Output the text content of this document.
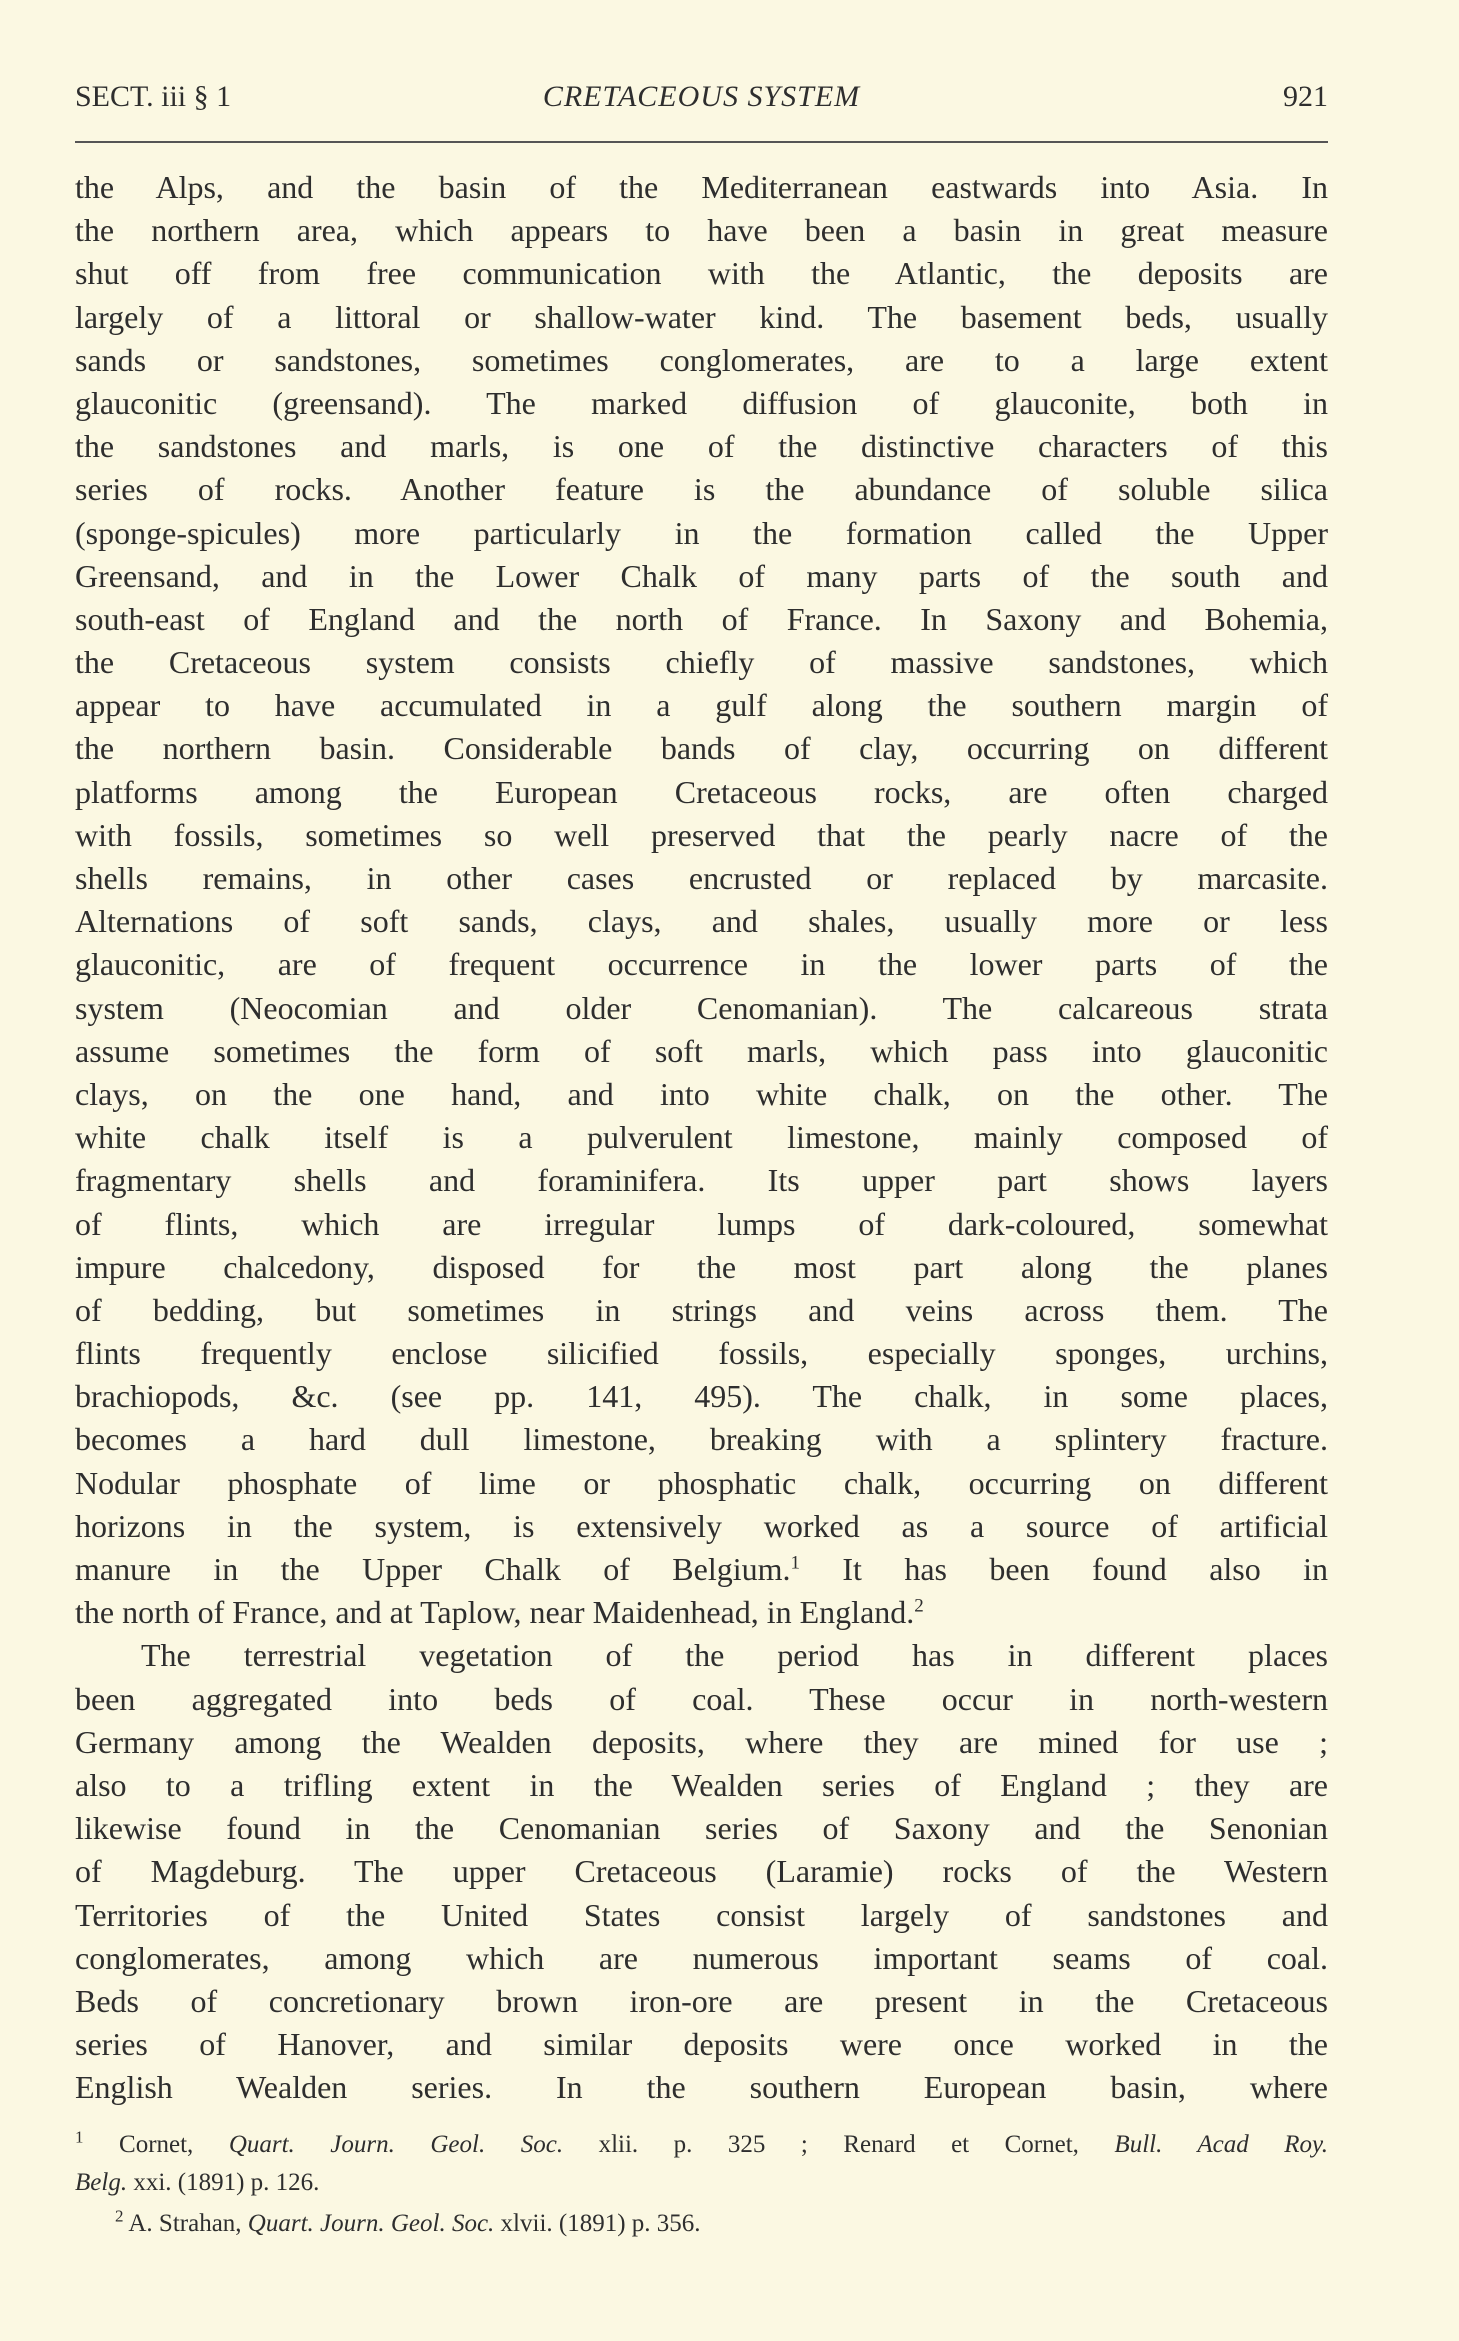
SECT. iii § 1	CRETACEOUS SYSTEM	921
the Alps, and the basin of the Mediterranean eastwards into Asia. In
the northern area, which appears to have been a basin in great measure
shut off from free communication with the Atlantic, the deposits are
largely of a littoral or shallow-water kind. The basement beds, usually
sands or sandstones, sometimes conglomerates, are to a large extent
glauconitic (greensand). The marked diffusion of glauconite, both in
the sandstones and marls, is one of the distinctive characters of this
series of rocks. Another feature is the abundance of soluble silica
(sponge-spicules) more particularly in the formation called the Upper
Greensand, and in the Lower Chalk of many parts of the south and
south-east of England and the north of France. In Saxony and Bohemia,
the Cretaceous system consists chiefly of massive sandstones, which
appear to have accumulated in a gulf along the southern margin of
the northern basin. Considerable bands of clay, occurring on different
platforms among the European Cretaceous rocks, are often charged
with fossils, sometimes so well preserved that the pearly nacre of the
shells remains, in other cases encrusted or replaced by marcasite.
Alternations of soft sands, clays, and shales, usually more or less
glauconitic, are of frequent occurrence in the lower parts of the
system (Neocomian and older Cenomanian). The calcareous strata
assume sometimes the form of soft marls, which pass into glauconitic
clays, on the one hand, and into white chalk, on the other. The
white chalk itself is a pulverulent limestone, mainly composed of
fragmentary shells and foraminifera. Its upper part shows layers
of flints, which are irregular lumps of dark-coloured, somewhat
impure chalcedony, disposed for the most part along the planes
of bedding, but sometimes in strings and veins across them. The
flints frequently enclose silicified fossils, especially sponges, urchins,
brachiopods, &c. (see pp. 141, 495). The chalk, in some places,
becomes a hard dull limestone, breaking with a splintery fracture.
Nodular phosphate of lime or phosphatic chalk, occurring on different
horizons in the system, is extensively worked as a source of artificial
manure in the Upper Chalk of Belgium.$^1$ It has been found also in
the north of France, and at Taplow, near Maidenhead, in England.$^2$
The terrestrial vegetation of the period has in different places
been aggregated into beds of coal. These occur in north-western
Germany among the Wealden deposits, where they are mined for use ;
also to a trifling extent in the Wealden series of England ; they are
likewise found in the Cenomanian series of Saxony and the Senonian
of Magdeburg. The upper Cretaceous (Laramie) rocks of the Western
Territories of the United States consist largely of sandstones and
conglomerates, among which are numerous important seams of coal.
Beds of concretionary brown iron-ore are present in the Cretaceous
series of Hanover, and similar deposits were once worked in the
English Wealden series. In the southern European basin, where
$^1$ Cornet, Quart. Journ. Geol. Soc. xlii. p. 325 ; Renard et Cornet, Bull. Acad Roy.
Belg. xxi. (1891) p. 126.
$^2$ A. Strahan, Quart. Journ. Geol. Soc. xlvii. (1891) p. 356.
